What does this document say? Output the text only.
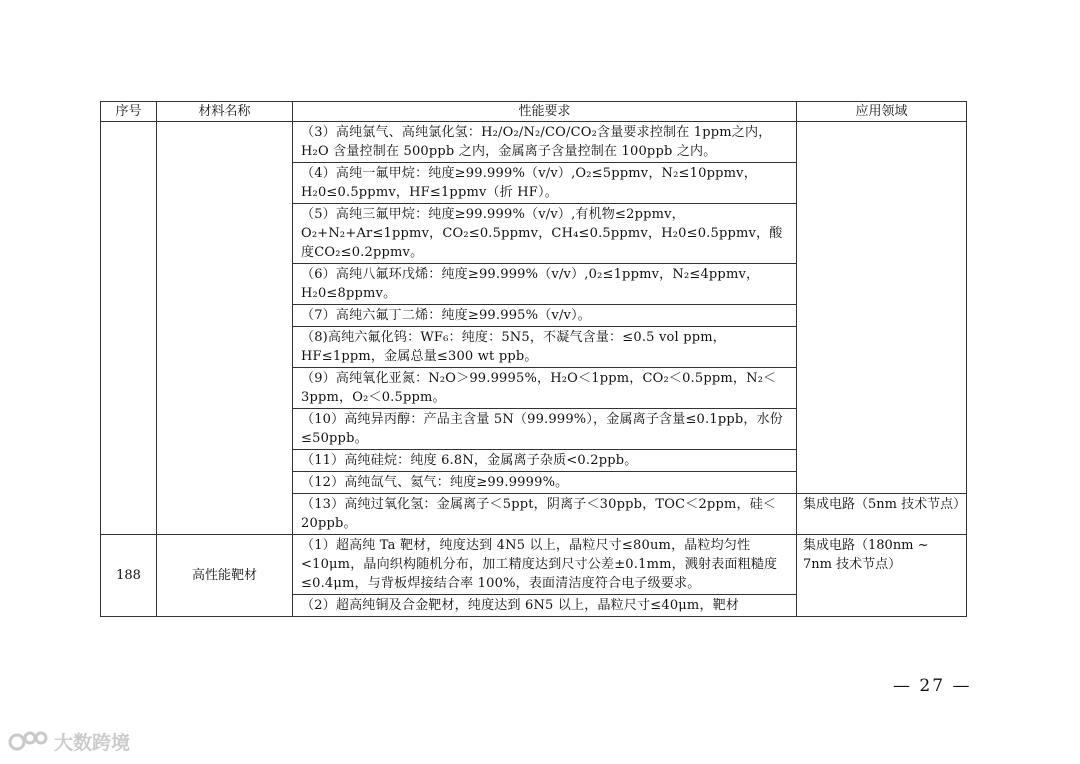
序号	材料名称	性能要求	应用领域
		（3）高纯氯气、高纯氯化氢：H₂/O₂/N₂/CO/CO₂含量要求控制在 1ppm之内，H₂O 含量控制在 500ppb 之内，金属离子含量控制在 100ppb 之内。	
		（4）高纯一氟甲烷：纯度≥99.999%（v/v）,O₂≤5ppmv，N₂≤10ppmv，H₂0≤0.5ppmv，HF≤1ppmv（折 HF）。	
		（5）高纯三氟甲烷：纯度≥99.999%（v/v）,有机物≤2ppmv，O₂+N₂+Ar≤1ppmv，CO₂≤0.5ppmv，CH₄≤0.5ppmv，H₂0≤0.5ppmv，酸度CO₂≤0.2ppmv。	
		（6）高纯八氟环戊烯：纯度≥99.999%（v/v）,0₂≤1ppmv，N₂≤4ppmv，H₂0≤8ppmv。	
		（7）高纯六氟丁二烯：纯度≥99.995%（v/v）。	
		（8)高纯六氟化钨：WF₆：纯度：5N5，不凝气含量：≤0.5 vol ppm，HF≤1ppm，金属总量≤300 wt ppb。	
		（9）高纯氧化亚氮：N₂O＞99.9995%，H₂O＜1ppm，CO₂＜0.5ppm，N₂＜3ppm，O₂＜0.5ppm。	
		（10）高纯异丙醇：产品主含量 5N（99.999%），金属离子含量≤0.1ppb，水份≤50ppb。	
		（11）高纯硅烷：纯度 6.8N，金属离子杂质<0.2ppb。	
		（12）高纯氙气、氦气：纯度≥99.9999%。	
		（13）高纯过氧化氢：金属离子＜5ppt，阴离子＜30ppb，TOC＜2ppm，硅＜20ppb。	集成电路（5nm 技术节点）
188	高性能靶材	（1）超高纯 Ta 靶材，纯度达到 4N5 以上，晶粒尺寸≤80um，晶粒均匀性<10μm，晶向织构随机分布，加工精度达到尺寸公差±0.1mm，溅射表面粗糙度≤0.4μm，与背板焊接结合率 100%，表面清洁度符合电子级要求。	集成电路（180nm ~ 7nm 技术节点）
		（2）超高纯铜及合金靶材，纯度达到 6N5 以上，晶粒尺寸≤40μm，靶材	
— 27 —
大数跨境
